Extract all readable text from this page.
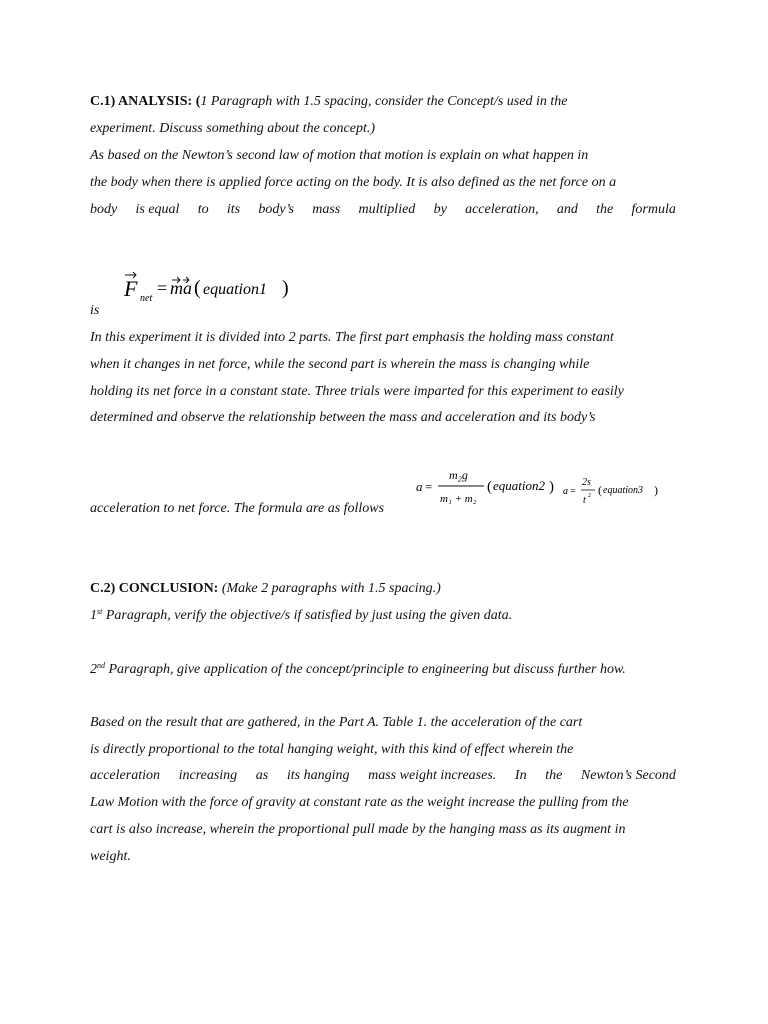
C.1) ANALYSIS: (1 Paragraph with 1.5 spacing, consider the Concept/s used in the
experiment. Discuss something about the concept.)
As based on the Newton’s second law of motion that motion is explain on what happen in
the body when there is applied force acting on the body. It is also defined as the net force on a
body is equal to its body’s mass multiplied by acceleration, and the formula
F net
= ma ( equation1 )
is
In this experiment it is divided into 2 parts. The first part emphasis the holding mass constant
when it changes in net force, while the second part is wherein the mass is changing while
holding its net force in a constant state. Three trials were imparted for this experiment to easily
determined and observe the relationship between the mass and acceleration and its body’s
a =
m₂g
m₁ + m₂
( equation2 ) a =
2s
t 2 ( equation3 )
acceleration to net force. The formula are as follows
C.2) CONCLUSION: (Make 2 paragraphs with 1.5 spacing.)
1st Paragraph, verify the objective/s if satisfied by just using the given data.
2nd Paragraph, give application of the concept/principle to engineering but discuss further how.
Based on the result that are gathered, in the Part A. Table 1. the acceleration of the cart
is directly proportional to the total hanging weight, with this kind of effect wherein the
acceleration increasing as its hanging mass weight increases. In the Newton’s Second
Law Motion with the force of gravity at constant rate as the weight increase the pulling from the
cart is also increase, wherein the proportional pull made by the hanging mass as its augment in
weight.
